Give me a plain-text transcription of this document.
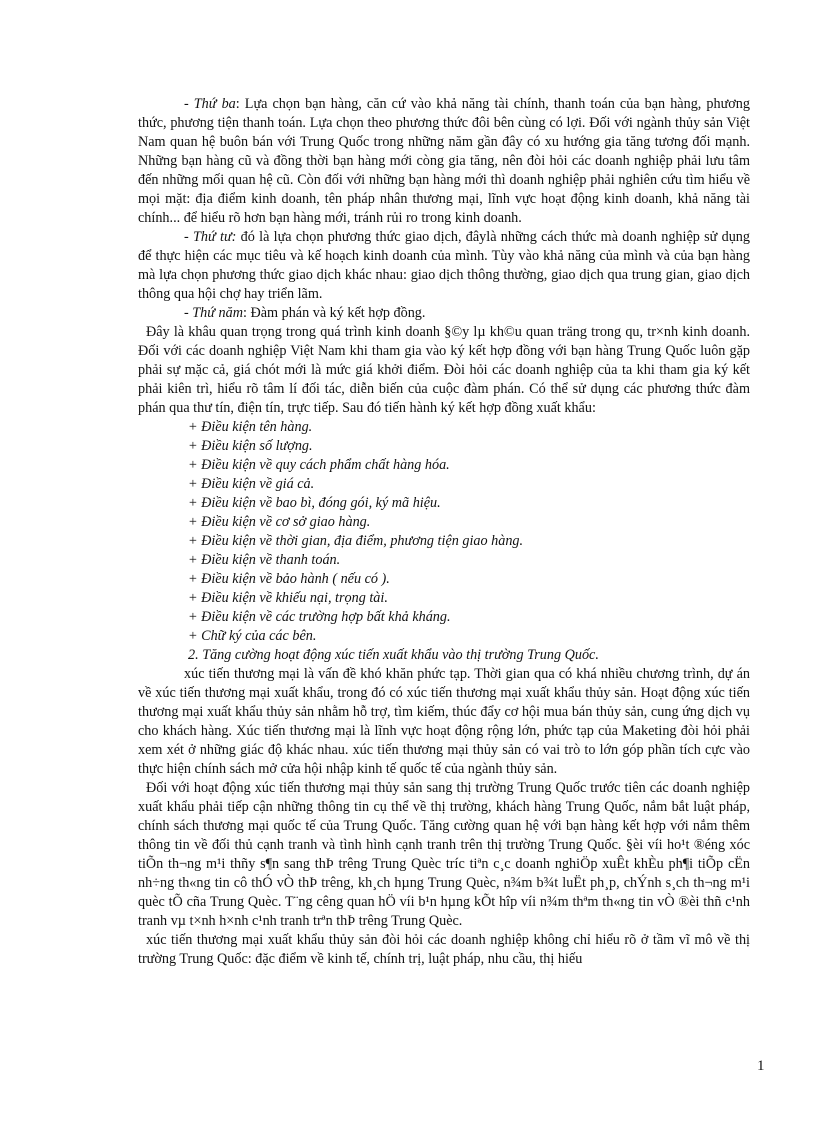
- Thứ ba: Lựa chọn bạn hàng, căn cứ vào khả năng tài chính, thanh toán của bạn hàng, phương thức, phương tiện thanh toán. Lựa chọn theo phương thức đôi bên cùng có lợi. Đối với ngành thủy sản Việt Nam quan hệ buôn bán với Trung Quốc trong những năm gần đây có xu hướng gia tăng tương đối mạnh. Những bạn hàng cũ và đồng thời bạn hàng mới còng gia tăng, nên đòi hỏi các doanh nghiệp phải lưu tâm đến những mối quan hệ cũ. Còn đối với những bạn hàng mới thì doanh nghiệp phải nghiên cứu tìm hiểu về mọi mặt: địa điểm kinh doanh, tên pháp nhân thương mại, lĩnh vực hoạt động kinh doanh, khả năng tài chính... để hiểu rõ hơn bạn hàng mới, tránh rủi ro trong kinh doanh.

- Thứ tư: đó là lựa chọn phương thức giao dịch, đâylà những cách thức mà doanh nghiệp sử dụng để thực hiện các mục tiêu và kế hoạch kinh doanh của mình. Tùy vào khả năng của mình và của bạn hàng mà lựa chọn phương thức giao dịch khác nhau: giao dịch thông thường, giao dịch qua trung gian, giao dịch thông qua hội chợ hay triển lãm.

- Thứ năm: Đàm phán và ký kết hợp đồng.

Đây là khâu quan trọng trong quá trình kinh doanh §©y lµ kh©u quan träng trong qu, tr×nh kinh doanh. Đối với các doanh nghiệp Việt Nam khi tham gia vào ký kết hợp đồng với bạn hàng Trung Quốc luôn gặp phải sự mặc cả, giá chót mới là mức giá khởi điểm. Đòi hỏi các doanh nghiệp của ta khi tham gia ký kết phải kiên trì, hiểu rõ tâm lí đối tác, diễn biến của cuộc đàm phán. Có thể sử dụng các phương thức đàm phán qua thư tín, điện tín, trực tiếp. Sau đó tiến hành ký kết hợp đồng xuất khẩu:

+ Điều kiện tên hàng.
+ Điều kiện số lượng.
+ Điều kiện về quy cách phẩm chất hàng hóa.
+ Điều kiện về giá cả.
+ Điều kiện về bao bì, đóng gói, ký mã hiệu.
+ Điều kiện về cơ sở giao hàng.
+ Điều kiện về thời gian, địa điểm, phương tiện giao hàng.
+ Điều kiện về thanh toán.
+ Điều kiện về bảo hành ( nếu có ).
+ Điều kiện về khiếu nại, trọng tài.
+ Điều kiện về các trường hợp bất khả kháng.
+ Chữ ký của các bên.

2. Tăng cường hoạt động xúc tiến xuất khẩu vào thị trường Trung Quốc.

xúc tiến thương mại là vấn đề khó khăn phức tạp. Thời gian qua có khá nhiều chương trình, dự án về xúc tiến thương mại xuất khẩu, trong đó có xúc tiến thương mại xuất khẩu thủy sản. Hoạt động xúc tiến thương mại xuất khẩu thủy sản nhằm hỗ trợ, tìm kiếm, thúc đẩy cơ hội mua bán thủy sản, cung ứng dịch vụ cho khách hàng. Xúc tiến thương mại là lĩnh vực hoạt động rộng lớn, phức tạp của Maketing đòi hỏi phải xem xét ở những giác độ khác nhau. xúc tiến thương mại thủy sản có vai trò to lớn góp phần tích cực vào thực hiện chính sách mở cửa hội nhập kinh tế quốc tế của ngành thủy sản.

Đối với hoạt động xúc tiến thương mại thủy sản sang thị trường Trung Quốc trước tiên các doanh nghiệp xuất khẩu phải tiếp cận những thông tin cụ thể về thị trường, khách hàng Trung Quốc, nắm bắt luật pháp, chính sách thương mại quốc tế của Trung Quốc. Tăng cường quan hệ với bạn hàng kết hợp với nắm thêm thông tin về đối thủ cạnh tranh và tình hình cạnh tranh trên thị trường Trung Quốc. §èi víi ho¹t ®éng xóc tiÕn th¬ng m¹i thñy s¶n sang thÞ trêng Trung Quèc tríc tiªn c¸c doanh nghiÖp xuÊt khÈu ph¶i tiÕp cËn nh÷ng th«ng tin cô thÓ vÒ thÞ trêng, kh¸ch hµng Trung Quèc, n¾m b¾t luËt ph¸p, chÝnh s¸ch th¬ng m¹i quèc tÕ cña Trung Quèc. T¨ng cêng quan hÖ víi b¹n hµng kÕt hîp víi n¾m thªm th«ng tin vÒ ®èi thñ c¹nh tranh vµ t×nh h×nh c¹nh tranh trªn thÞ trêng Trung Quèc.

xúc tiến thương mại xuất khẩu thủy sản đòi hỏi các doanh nghiệp không chỉ hiểu rõ ở tầm vĩ mô về thị trường Trung Quốc: đặc điểm về kinh tế, chính trị, luật pháp, nhu cầu, thị hiếu

1
